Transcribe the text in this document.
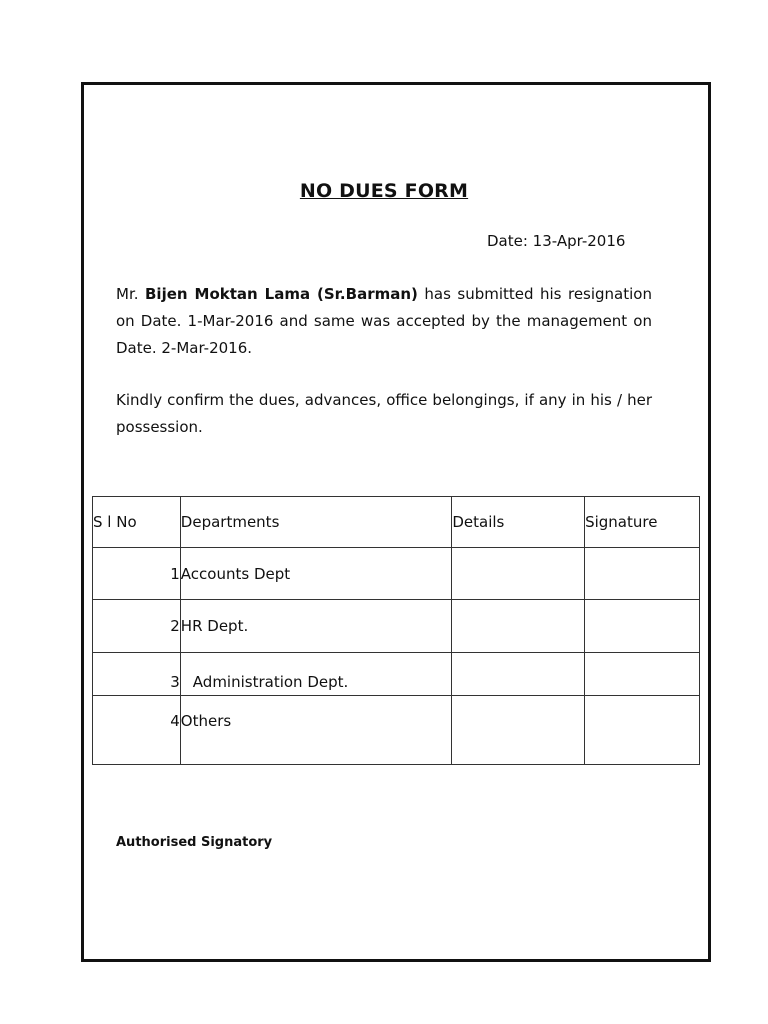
NO DUES FORM
Date: 13-Apr-2016
Mr. Bijen Moktan Lama (Sr.Barman) has submitted his resignation on Date. 1-Mar-2016 and same was accepted by the management on Date. 2-Mar-2016.
Kindly confirm the dues, advances, office belongings, if any in his / her possession.
S l No	Departments	Details	Signature
1	Accounts Dept		
2	HR Dept.		
3	Administration Dept.		
4	Others		
Authorised Signatory
